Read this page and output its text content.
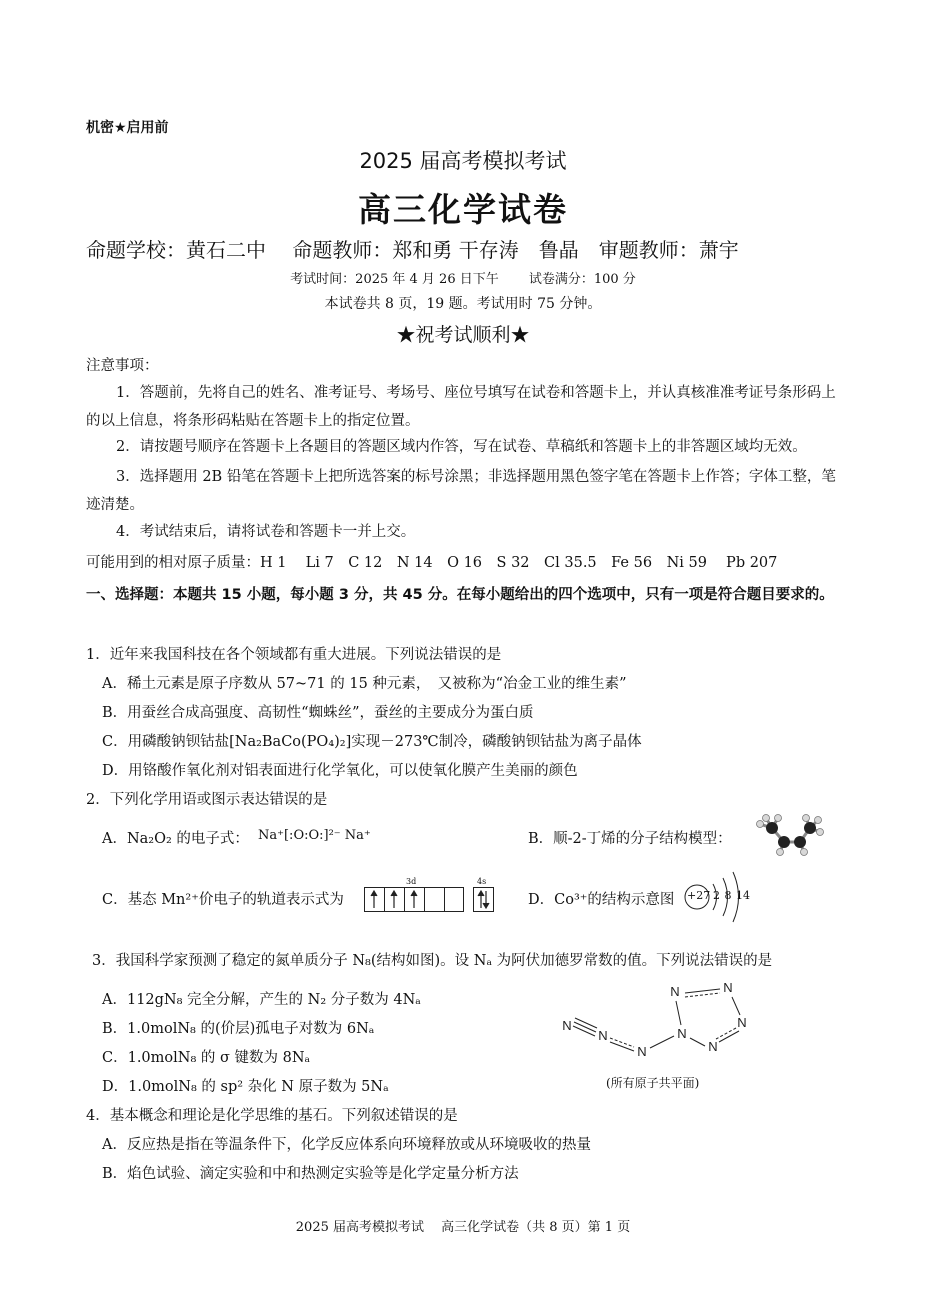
机密★启用前
2025 届高考模拟考试
高三化学试卷
命题学校：黄石二中　 命题教师：郑和勇 干存涛　鲁晶　审题教师：萧宇
考试时间：2025 年 4 月 26 日下午　　 试卷满分：100 分
本试卷共 8 页，19 题。考试用时 75 分钟。
★祝考试顺利★
注意事项：
1．答题前，先将自己的姓名、准考证号、考场号、座位号填写在试卷和答题卡上，并认真核准准考证号条形码上的以上信息，将条形码粘贴在答题卡上的指定位置。
2．请按题号顺序在答题卡上各题目的答题区域内作答，写在试卷、草稿纸和答题卡上的非答题区域均无效。
3．选择题用 2B 铅笔在答题卡上把所选答案的标号涂黑；非选择题用黑色签字笔在答题卡上作答；字体工整，笔迹清楚。
4．考试结束后，请将试卷和答题卡一并上交。
可能用到的相对原子质量：H 1　 Li 7　C 12　N 14　O 16　S 32　Cl 35.5　Fe 56　Ni 59　 Pb 207
一、选择题：本题共 15 小题，每小题 3 分，共 45 分。在每小题给出的四个选项中，只有一项是符合题目要求的。
1．近年来我国科技在各个领域都有重大进展。下列说法错误的是
A．稀土元素是原子序数从 57~71 的 15 种元素，　又被称为“冶金工业的维生素”
B．用蚕丝合成高强度、高韧性“蜘蛛丝”，蚕丝的主要成分为蛋白质
C．用磷酸钠钡钴盐[Na₂BaCo(PO₄)₂]实现－273℃制冷，磷酸钠钡钴盐为离子晶体
D．用铬酸作氧化剂对铝表面进行化学氧化，可以使氧化膜产生美丽的颜色
2．下列化学用语或图示表达错误的是
A．Na₂O₂ 的电子式： Na⁺[:O:O:]²⁻ Na⁺	B．顺-2-丁烯的分子结构模型：
C．基态 Mn²⁺价电子的轨道表示式为
3d	4s
D．Co³⁺的结构示意图 +27 2 8 14
3．我国科学家预测了稳定的氮单质分子 N₈(结构如图)。设 Nₐ 为阿伏加德罗常数的值。下列说法错误的是
A．112gN₈ 完全分解，产生的 N₂ 分子数为 4Nₐ
B．1.0molN₈ 的(价层)孤电子对数为 6Nₐ
C．1.0molN₈ 的 σ 键数为 8Nₐ
D．1.0molN₈ 的 sp² 杂化 N 原子数为 5Nₐ
N
N
N
N
N	N
N
N
(所有原子共平面)
4．基本概念和理论是化学思维的基石。下列叙述错误的是
A．反应热是指在等温条件下，化学反应体系向环境释放或从环境吸收的热量
B．焰色试验、滴定实验和中和热测定实验等是化学定量分析方法
2025 届高考模拟考试　 高三化学试卷（共 8 页）第 1 页
